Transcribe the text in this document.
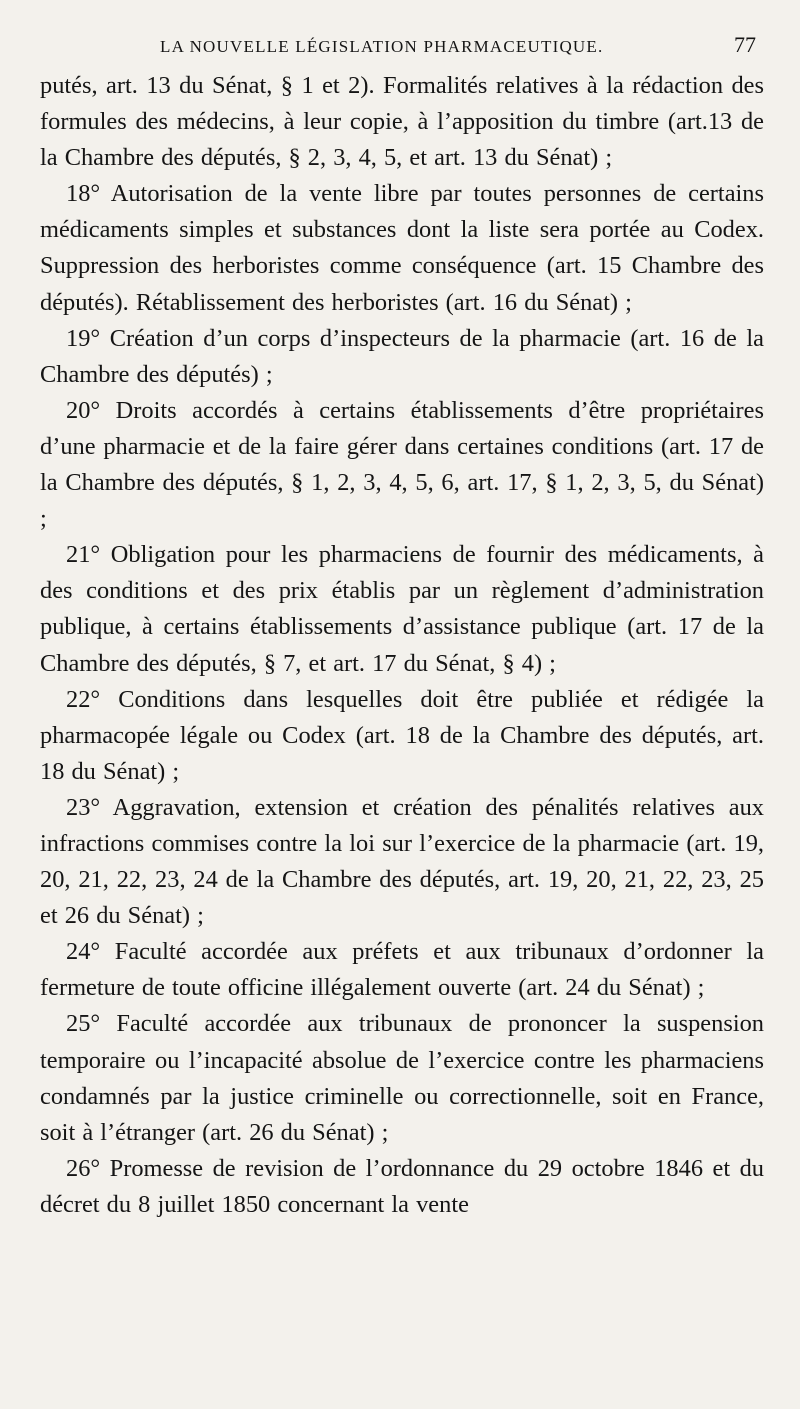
LA NOUVELLE LÉGISLATION PHARMACEUTIQUE.	77

putés, art. 13 du Sénat, § 1 et 2). Formalités relatives à la rédaction des formules des médecins, à leur copie, à l’apposition du timbre (art.13 de la Chambre des députés, § 2, 3, 4, 5, et art. 13 du Sénat) ;

18° Autorisation de la vente libre par toutes personnes de certains médicaments simples et substances dont la liste sera portée au Codex. Suppression des herboristes comme conséquence (art. 15 Chambre des députés). Rétablissement des herboristes (art. 16 du Sénat) ;

19° Création d’un corps d’inspecteurs de la pharmacie (art. 16 de la Chambre des députés) ;

20° Droits accordés à certains établissements d’être propriétaires d’une pharmacie et de la faire gérer dans certaines conditions (art. 17 de la Chambre des députés, § 1, 2, 3, 4, 5, 6, art. 17, § 1, 2, 3, 5, du Sénat) ;

21° Obligation pour les pharmaciens de fournir des médicaments, à des conditions et des prix établis par un règlement d’administration publique, à certains établissements d’assistance publique (art. 17 de la Chambre des députés, § 7, et art. 17 du Sénat, § 4) ;

22° Conditions dans lesquelles doit être publiée et rédigée la pharmacopée légale ou Codex (art. 18 de la Chambre des députés, art. 18 du Sénat) ;

23° Aggravation, extension et création des pénalités relatives aux infractions commises contre la loi sur l’exercice de la pharmacie (art. 19, 20, 21, 22, 23, 24 de la Chambre des députés, art. 19, 20, 21, 22, 23, 25 et 26 du Sénat) ;

24° Faculté accordée aux préfets et aux tribunaux d’ordonner la fermeture de toute officine illégalement ouverte (art. 24 du Sénat) ;

25° Faculté accordée aux tribunaux de prononcer la suspension temporaire ou l’incapacité absolue de l’exercice contre les pharmaciens condamnés par la justice criminelle ou correctionnelle, soit en France, soit à l’étranger (art. 26 du Sénat) ;

26° Promesse de revision de l’ordonnance du 29 octobre 1846 et du décret du 8 juillet 1850 concernant la vente
